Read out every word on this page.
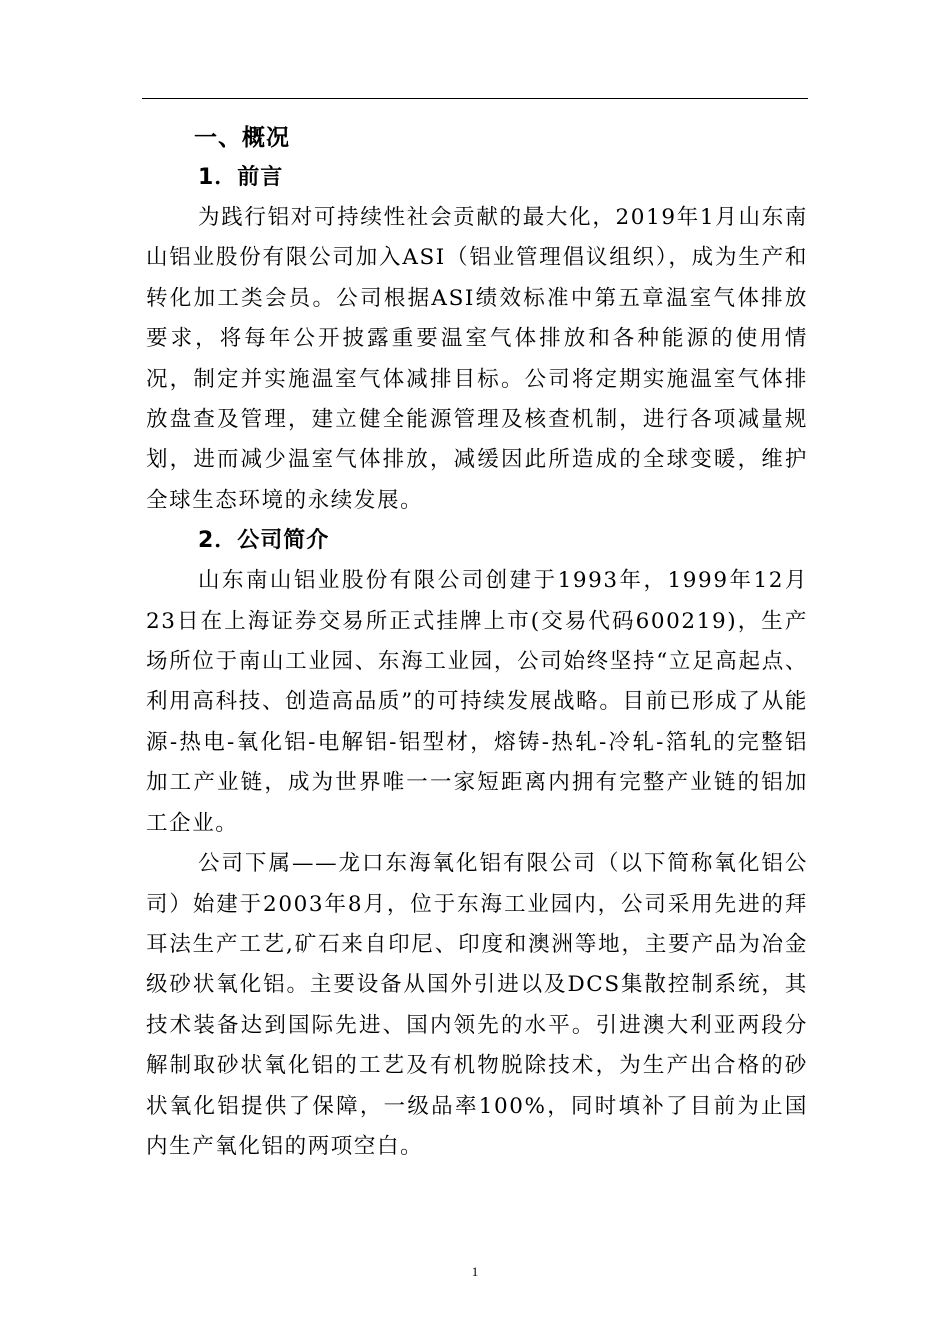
一、概况

1．前言

为践行铝对可持续性社会贡献的最大化，2019年1月山东南山铝业股份有限公司加入ASI（铝业管理倡议组织），成为生产和转化加工类会员。公司根据ASI绩效标准中第五章温室气体排放要求，将每年公开披露重要温室气体排放和各种能源的使用情况，制定并实施温室气体减排目标。公司将定期实施温室气体排放盘查及管理，建立健全能源管理及核查机制，进行各项减量规划，进而减少温室气体排放，减缓因此所造成的全球变暖，维护全球生态环境的永续发展。

2．公司简介

山东南山铝业股份有限公司创建于1993年，1999年12月23日在上海证券交易所正式挂牌上市(交易代码600219)，生产场所位于南山工业园、东海工业园，公司始终坚持“立足高起点、利用高科技、创造高品质”的可持续发展战略。目前已形成了从能源-热电-氧化铝-电解铝-铝型材，熔铸-热轧-冷轧-箔轧的完整铝加工产业链，成为世界唯一一家短距离内拥有完整产业链的铝加工企业。

公司下属——龙口东海氧化铝有限公司（以下简称氧化铝公司）始建于2003年8月，位于东海工业园内，公司采用先进的拜耳法生产工艺,矿石来自印尼、印度和澳洲等地，主要产品为冶金级砂状氧化铝。主要设备从国外引进以及DCS集散控制系统，其技术装备达到国际先进、国内领先的水平。引进澳大利亚两段分解制取砂状氧化铝的工艺及有机物脱除技术，为生产出合格的砂状氧化铝提供了保障，一级品率100%，同时填补了目前为止国内生产氧化铝的两项空白。

1
